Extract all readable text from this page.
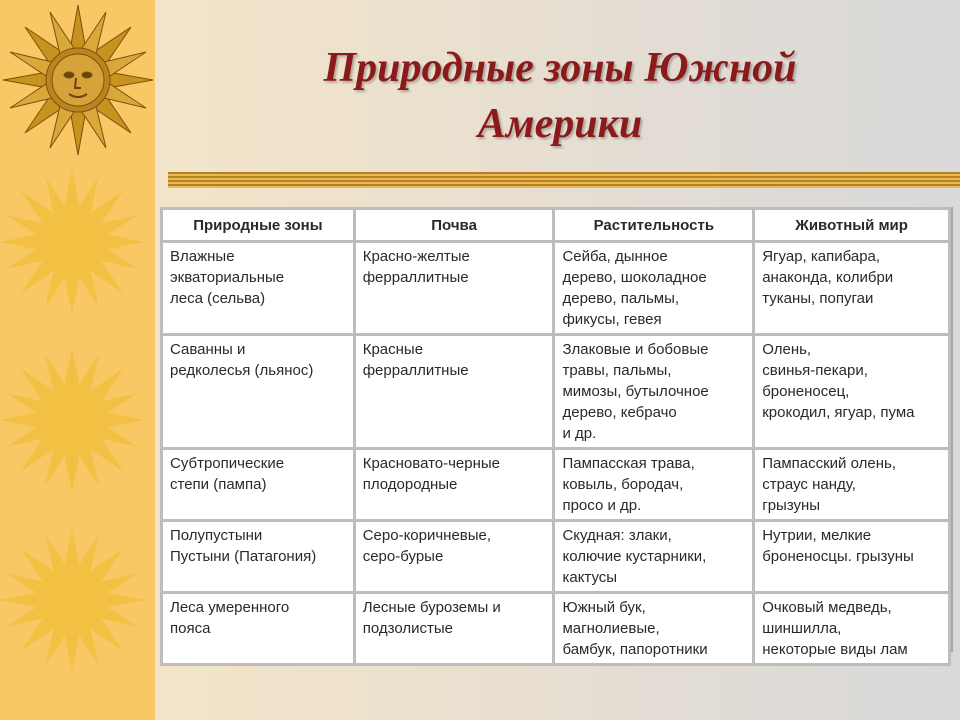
Природные зоны Южной
Америки
Природные зоны	Почва	Растительность	Животный мир

Влажные
экваториальные
леса (сельва)	Красно-желтые
ферраллитные	Сейба, дынное
дерево, шоколадное
дерево, пальмы,
фикусы, гевея	Ягуар, капибара,
анаконда, колибри
туканы, попугаи

Саванны и
редколесья (льянос)	Красные
ферраллитные	Злаковые и бобовые
травы, пальмы,
мимозы, бутылочное
дерево, кебрачо
и др.	Олень,
свинья-пекари,
броненосец,
крокодил, ягуар, пума

Субтропические
степи (пампа)	Красновато-черные
плодородные	Пампасская трава,
ковыль, бородач,
просо и др.	Пампасский олень,
страус нанду,
грызуны

Полупустыни
Пустыни (Патагония)	Серо-коричневые,
серо-бурые	Скудная: злаки,
колючие кустарники,
кактусы	Нутрии, мелкие
броненосцы. грызуны

Леса умеренного
пояса	Лесные буроземы и
подзолистые	Южный бук,
магнолиевые,
бамбук, папоротники	Очковый медведь,
шиншилла,
некоторые виды лам
